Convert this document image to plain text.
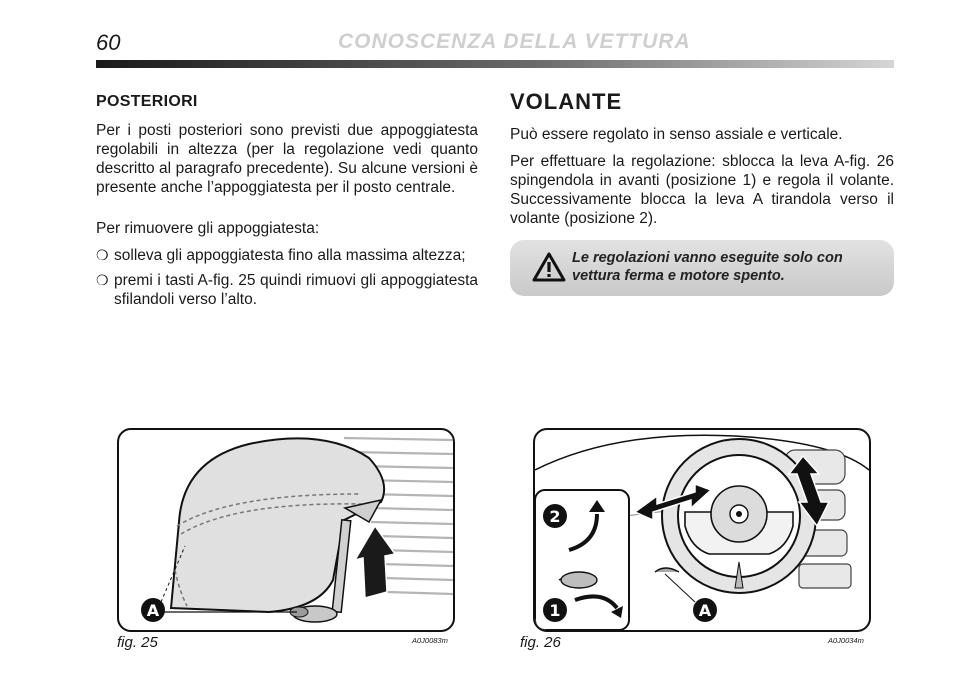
60	CONOSCENZA DELLA VETTURA
POSTERIORI

Per i posti posteriori sono previsti due appoggiatesta regolabili in altezza (per la regolazione vedi quanto descritto al paragrafo precedente). Su alcune versioni è presente anche l’appoggiatesta per il posto centrale.

Per rimuovere gli appoggiatesta:

❍ solleva gli appoggiatesta fino alla massima altezza;
❍ premi i tasti A-fig. 25 quindi rimuovi gli appoggiatesta sfilandoli verso l’alto.
VOLANTE

Può essere regolato in senso assiale e verticale.

Per effettuare la regolazione: sblocca la leva A-fig. 26 spingendola in avanti (posizione 1) e regola il volante. Successivamente blocca la leva A tirandola verso il volante (posizione 2).

Le regolazioni vanno eseguite solo con vettura ferma e motore spento.
A
fig. 25	A0J0083m
2
1	A
fig. 26	A0J0034m
